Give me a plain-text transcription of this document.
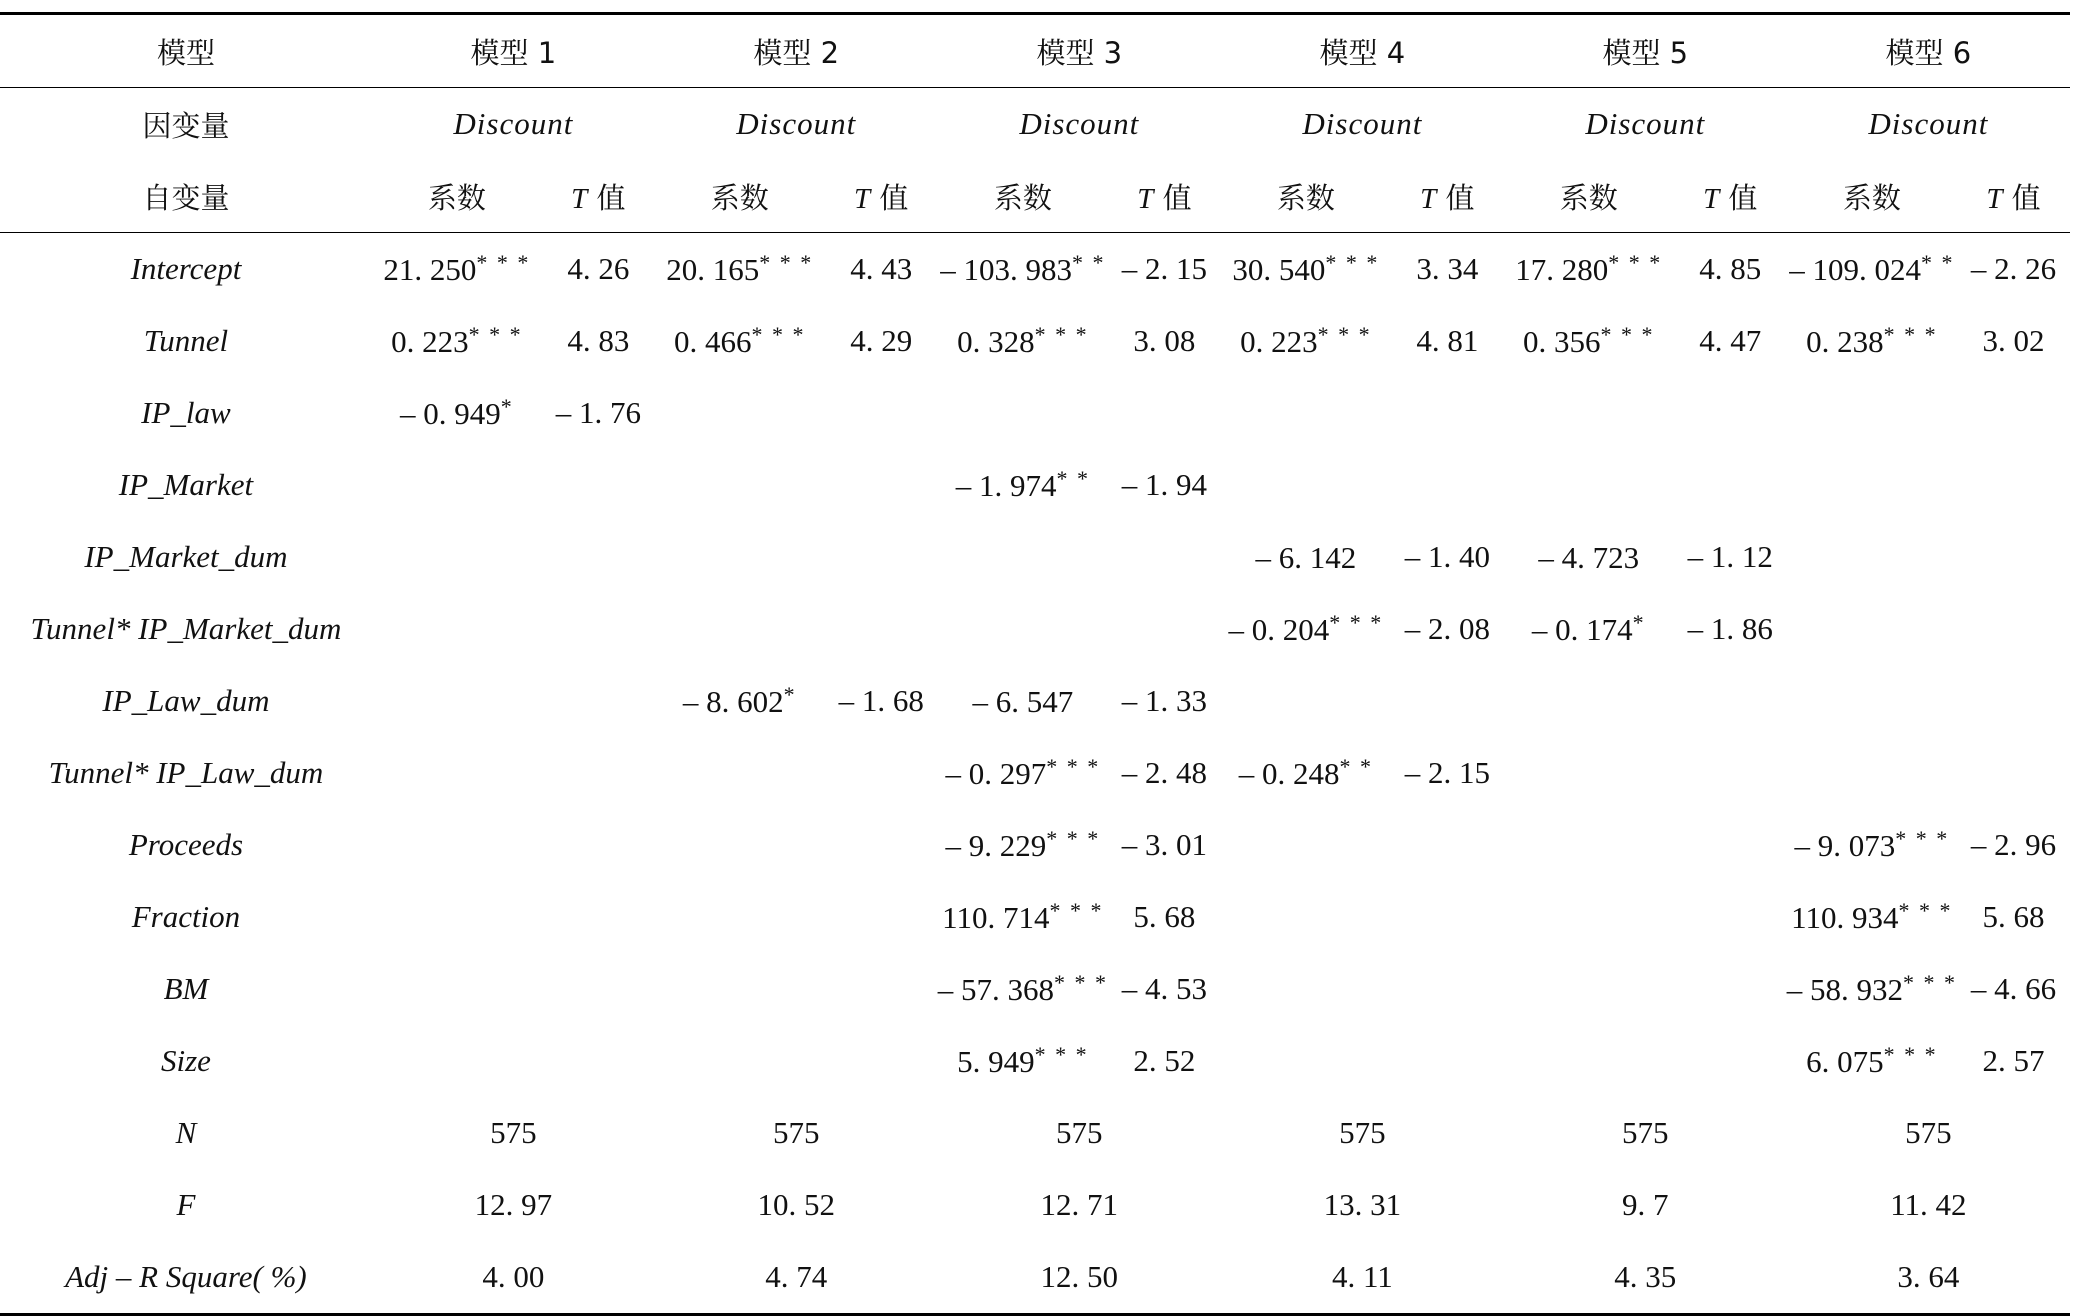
模型	模型 1		模型 2		模型 3		模型 4		模型 5		模型 6	
因变量	Discount		Discount		Discount		Discount		Discount		Discount	
自变量	系数	T 值	系数	T 值	系数	T 值	系数	T 值	系数	T 值	系数	T 值
Intercept	21. 250* * *	4. 26	20. 165* * *	4. 43	– 103. 983* *	– 2. 15	30. 540* * *	3. 34	17. 280* * *	4. 85	– 109. 024* *	– 2. 26
Tunnel	0. 223* * *	4. 83	0. 466* * *	4. 29	0. 328* * *	3. 08	0. 223* * *	4. 81	0. 356* * *	4. 47	0. 238* * *	3. 02
IP_law	– 0. 949*	– 1. 76										
IP_Market					– 1. 974* *	– 1. 94						
IP_Market_dum							– 6. 142	– 1. 40	– 4. 723	– 1. 12		
Tunnel* IP_Market_dum							– 0. 204* * *	– 2. 08	– 0. 174*	– 1. 86		
IP_Law_dum			– 8. 602*	– 1. 68	– 6. 547	– 1. 33						
Tunnel* IP_Law_dum					– 0. 297* * *	– 2. 48	– 0. 248* *	– 2. 15				
Proceeds					– 9. 229* * *	– 3. 01					– 9. 073* * *	– 2. 96
Fraction					110. 714* * *	5. 68					110. 934* * *	5. 68
BM					– 57. 368* * *	– 4. 53					– 58. 932* * *	– 4. 66
Size					5. 949* * *	2. 52					6. 075* * *	2. 57
N	575		575		575		575		575		575	
F	12. 97		10. 52		12. 71		13. 31		9. 7		11. 42	
Adj – R Square( %)	4. 00		4. 74		12. 50		4. 11		4. 35		3. 64	
